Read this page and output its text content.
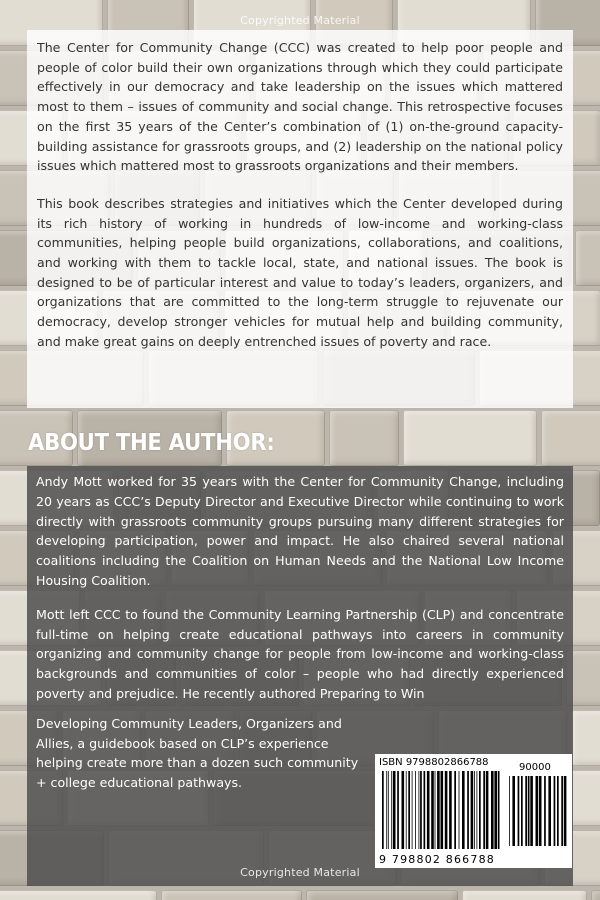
Copyrighted Material

The Center for Community Change (CCC) was created to help poor people and people of color build their own organizations through which they could participate effectively in our democracy and take leadership on the issues which mattered most to them – issues of community and social change. This retrospective focuses on the first 35 years of the Center’s combination of (1) on-the-ground capacity-building assistance for grassroots groups, and (2) leadership on the national policy issues which mattered most to grassroots organizations and their members.

This book describes strategies and initiatives which the Center developed during its rich history of working in hundreds of low-income and working-class communities, helping people build organizations, collaborations, and coalitions, and working with them to tackle local, state, and national issues. The book is designed to be of particular interest and value to today’s leaders, organizers, and organizations that are committed to the long-term struggle to rejuvenate our democracy, develop stronger vehicles for mutual help and building community, and make great gains on deeply entrenched issues of poverty and race.

ABOUT THE AUTHOR:

Andy Mott worked for 35 years with the Center for Community Change, including 20 years as CCC’s Deputy Director and Executive Director while continuing to work directly with grassroots community groups pursuing many different strategies for developing participation, power and impact. He also chaired several national coalitions including the Coalition on Human Needs and the National Low Income Housing Coalition.

Mott left CCC to found the Community Learning Partnership (CLP) and concentrate full-time on helping create educational pathways into careers in community organizing and community change for people from low-income and working-class backgrounds and communities of color – people who had directly experienced poverty and prejudice. He recently authored Preparing to Win

Developing Community Leaders, Organizers and Allies, a guidebook based on CLP’s experience helping create more than a dozen such community + college educational pathways.

ISBN 9798802866788	90000
9 798802 866788
Copyrighted Material
